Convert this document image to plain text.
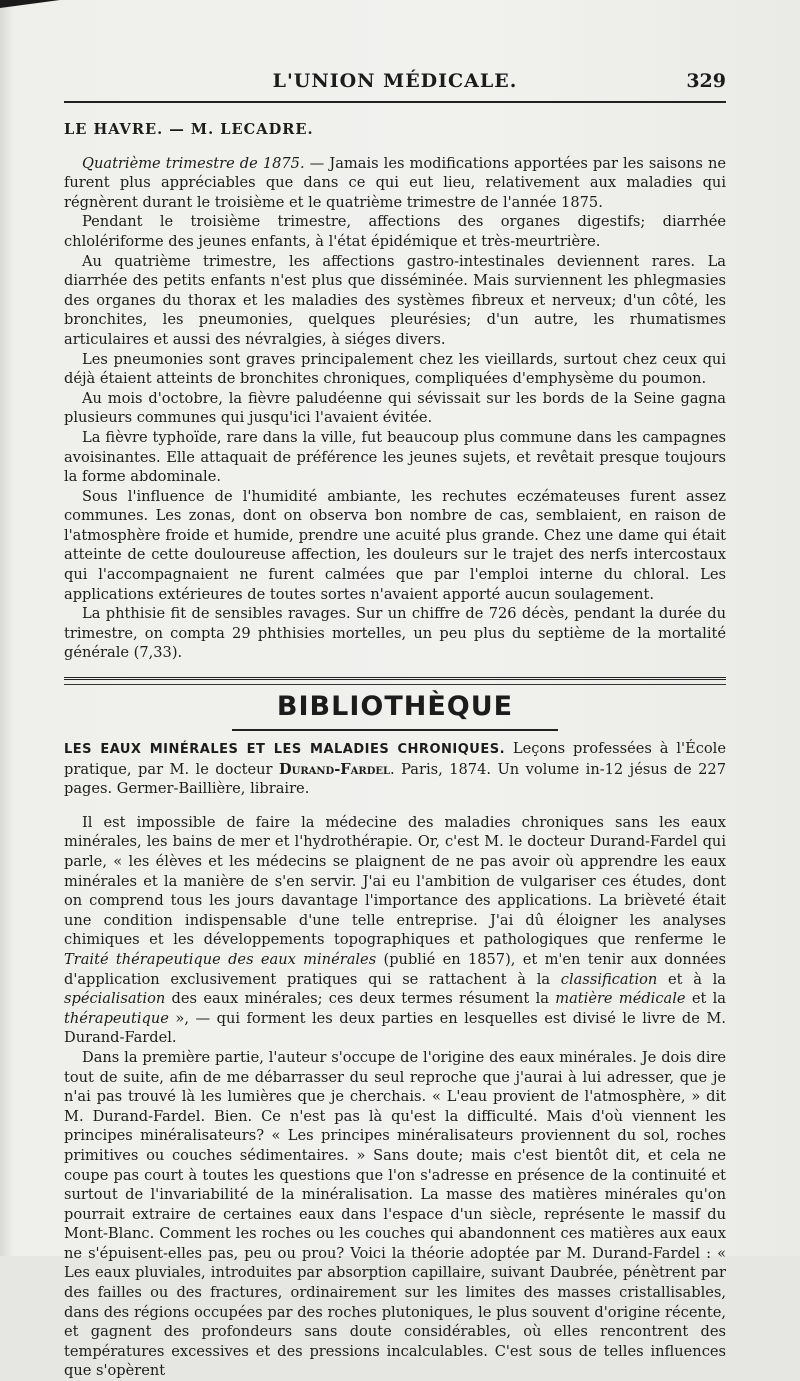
L'UNION MÉDICALE.	329

LE HAVRE. — M. LECADRE.

Quatrième trimestre de 1875. — Jamais les modifications apportées par les saisons ne furent plus appréciables que dans ce qui eut lieu, relativement aux maladies qui régnèrent durant le troisième et le quatrième trimestre de l'année 1875.

Pendant le troisième trimestre, affections des organes digestifs; diarrhée chlolériforme des jeunes enfants, à l'état épidémique et très-meurtrière.

Au quatrième trimestre, les affections gastro-intestinales deviennent rares. La diarrhée des petits enfants n'est plus que disséminée. Mais surviennent les phlegmasies des organes du thorax et les maladies des systèmes fibreux et nerveux; d'un côté, les bronchites, les pneumonies, quelques pleurésies; d'un autre, les rhumatismes articulaires et aussi des névralgies, à siéges divers.

Les pneumonies sont graves principalement chez les vieillards, surtout chez ceux qui déjà étaient atteints de bronchites chroniques, compliquées d'emphysème du poumon.

Au mois d'octobre, la fièvre paludéenne qui sévissait sur les bords de la Seine gagna plusieurs communes qui jusqu'ici l'avaient évitée.

La fièvre typhoïde, rare dans la ville, fut beaucoup plus commune dans les campagnes avoisinantes. Elle attaquait de préférence les jeunes sujets, et revêtait presque toujours la forme abdominale.

Sous l'influence de l'humidité ambiante, les rechutes eczémateuses furent assez communes. Les zonas, dont on observa bon nombre de cas, semblaient, en raison de l'atmosphère froide et humide, prendre une acuité plus grande. Chez une dame qui était atteinte de cette douloureuse affection, les douleurs sur le trajet des nerfs intercostaux qui l'accompagnaient ne furent calmées que par l'emploi interne du chloral. Les applications extérieures de toutes sortes n'avaient apporté aucun soulagement.

La phthisie fit de sensibles ravages. Sur un chiffre de 726 décès, pendant la durée du trimestre, on compta 29 phthisies mortelles, un peu plus du septième de la mortalité générale (7,33).

BIBLIOTHÈQUE

LES EAUX MINÉRALES ET LES MALADIES CHRONIQUES. Leçons professées à l'École pratique, par M. le docteur Durand-Fardel. Paris, 1874. Un volume in-12 jésus de 227 pages. Germer-Baillière, libraire.

Il est impossible de faire la médecine des maladies chroniques sans les eaux minérales, les bains de mer et l'hydrothérapie. Or, c'est M. le docteur Durand-Fardel qui parle, « les élèves et les médecins se plaignent de ne pas avoir où apprendre les eaux minérales et la manière de s'en servir. J'ai eu l'ambition de vulgariser ces études, dont on comprend tous les jours davantage l'importance des applications. La brièveté était une condition indispensable d'une telle entreprise. J'ai dû éloigner les analyses chimiques et les développements topographiques et pathologiques que renferme le Traité thérapeutique des eaux minérales (publié en 1857), et m'en tenir aux données d'application exclusivement pratiques qui se rattachent à la classification et à la spécialisation des eaux minérales; ces deux termes résument la matière médicale et la thérapeutique », — qui forment les deux parties en lesquelles est divisé le livre de M. Durand-Fardel.

Dans la première partie, l'auteur s'occupe de l'origine des eaux minérales. Je dois dire tout de suite, afin de me débarrasser du seul reproche que j'aurai à lui adresser, que je n'ai pas trouvé là les lumières que je cherchais. « L'eau provient de l'atmosphère, » dit M. Durand-Fardel. Bien. Ce n'est pas là qu'est la difficulté. Mais d'où viennent les principes minéralisateurs? « Les principes minéralisateurs proviennent du sol, roches primitives ou couches sédimentaires. » Sans doute; mais c'est bientôt dit, et cela ne coupe pas court à toutes les questions que l'on s'adresse en présence de la continuité et surtout de l'invariabilité de la minéralisation. La masse des matières minérales qu'on pourrait extraire de certaines eaux dans l'espace d'un siècle, représente le massif du Mont-Blanc. Comment les roches ou les couches qui abandonnent ces matières aux eaux ne s'épuisent-elles pas, peu ou prou? Voici la théorie adoptée par M. Durand-Fardel : « Les eaux pluviales, introduites par absorption capillaire, suivant Daubrée, pénètrent par des failles ou des fractures, ordinairement sur les limites des masses cristallisables, dans des régions occupées par des roches plutoniques, le plus souvent d'origine récente, et gagnent des profondeurs sans doute considérables, où elles rencontrent des températures excessives et des pressions incalculables. C'est sous de telles influences que s'opèrent
